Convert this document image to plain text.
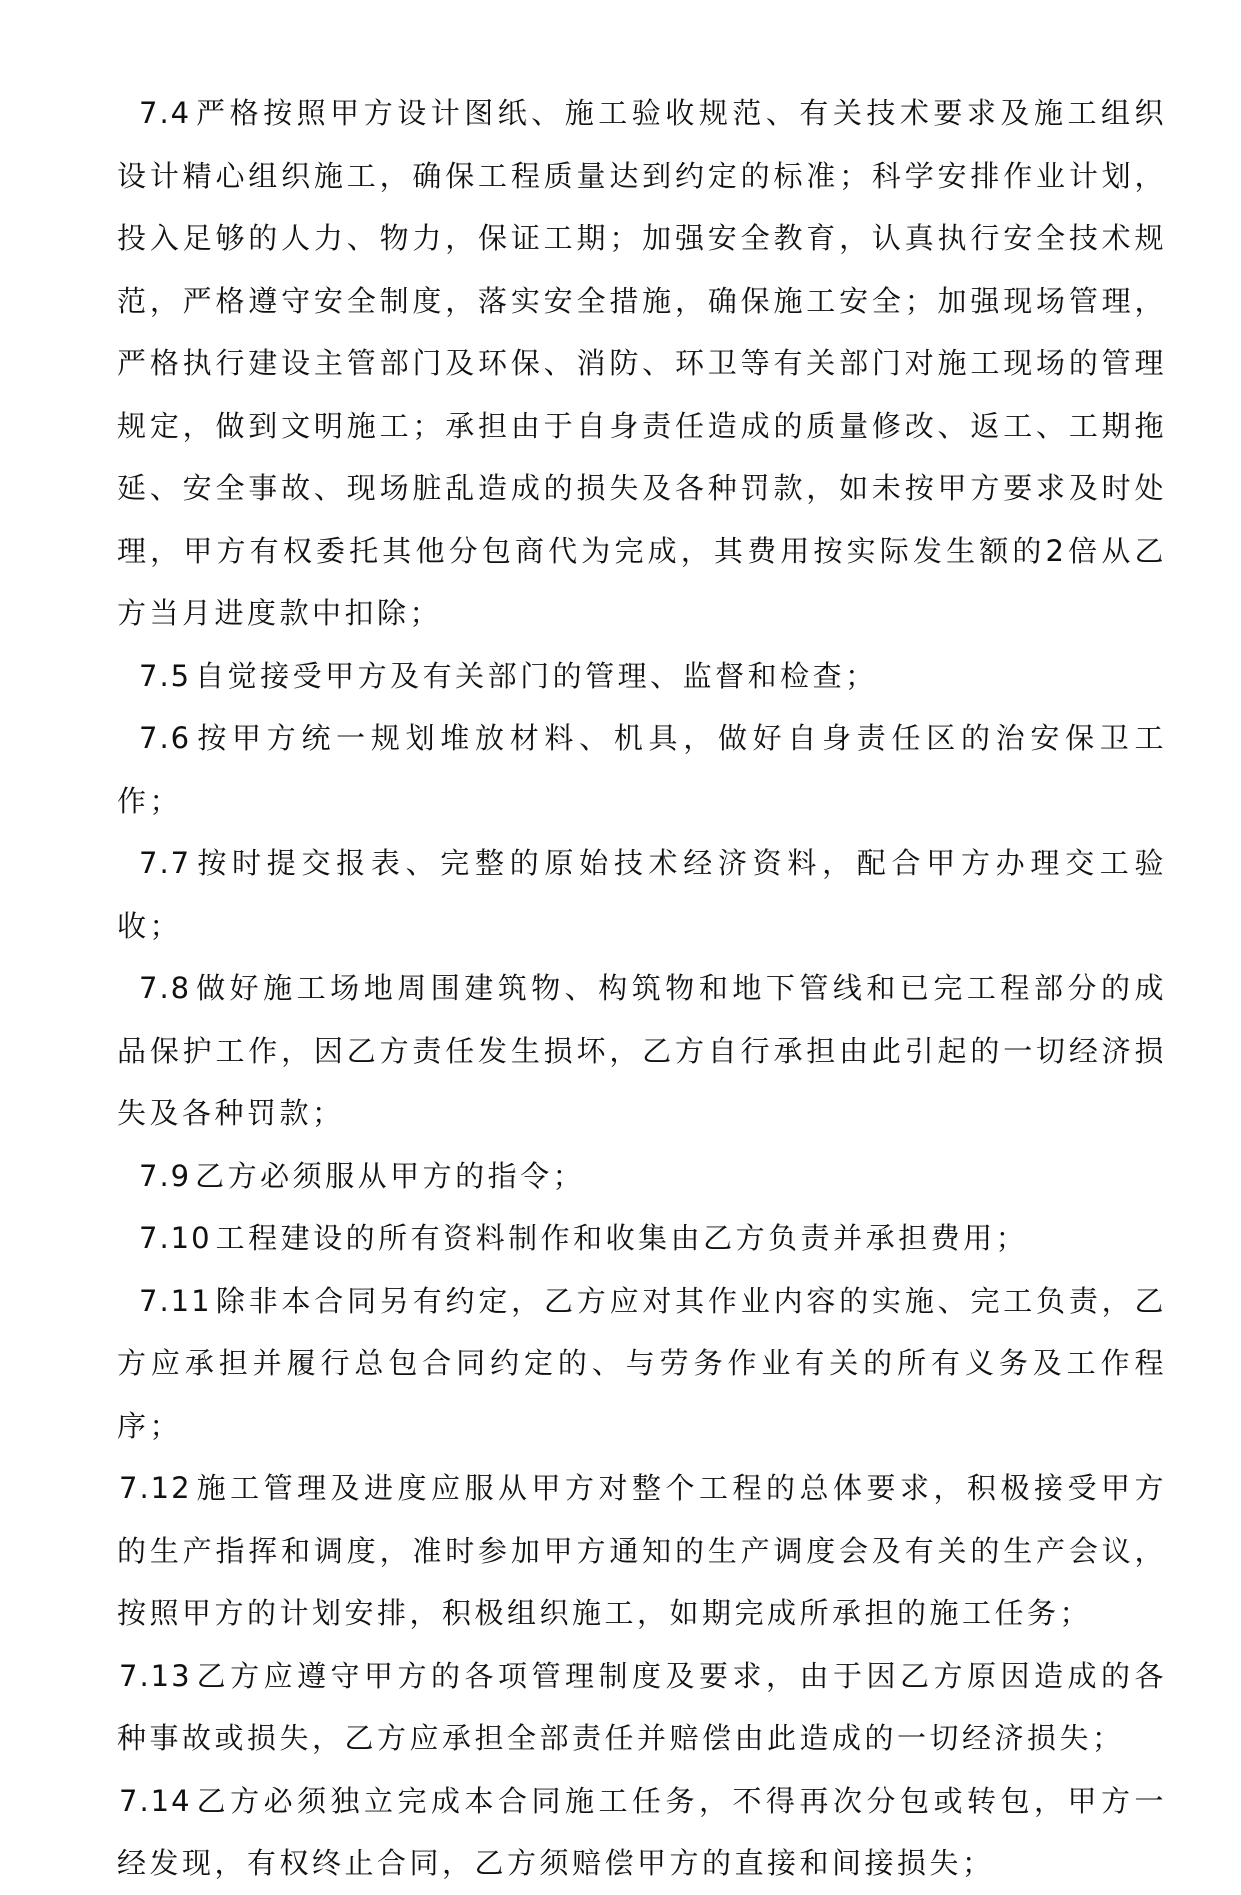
7.4 严格按照甲方设计图纸、施工验收规范、有关技术要求及施工组织设计精心组织施工，确保工程质量达到约定的标准；科学安排作业计划，投入足够的人力、物力，保证工期；加强安全教育，认真执行安全技术规范，严格遵守安全制度，落实安全措施，确保施工安全；加强现场管理，严格执行建设主管部门及环保、消防、环卫等有关部门对施工现场的管理规定，做到文明施工；承担由于自身责任造成的质量修改、返工、工期拖延、安全事故、现场脏乱造成的损失及各种罚款，如未按甲方要求及时处理，甲方有权委托其他分包商代为完成，其费用按实际发生额的2倍从乙方当月进度款中扣除；

7.5 自觉接受甲方及有关部门的管理、监督和检查；

7.6 按甲方统一规划堆放材料、机具，做好自身责任区的治安保卫工作；

7.7 按时提交报表、完整的原始技术经济资料，配合甲方办理交工验收；

7.8 做好施工场地周围建筑物、构筑物和地下管线和已完工程部分的成品保护工作，因乙方责任发生损坏，乙方自行承担由此引起的一切经济损失及各种罚款；

7.9 乙方必须服从甲方的指令；

7.10 工程建设的所有资料制作和收集由乙方负责并承担费用；

7.11 除非本合同另有约定，乙方应对其作业内容的实施、完工负责，乙方应承担并履行总包合同约定的、与劳务作业有关的所有义务及工作程序；

7.12 施工管理及进度应服从甲方对整个工程的总体要求，积极接受甲方的生产指挥和调度，准时参加甲方通知的生产调度会及有关的生产会议，按照甲方的计划安排，积极组织施工，如期完成所承担的施工任务；

7.13 乙方应遵守甲方的各项管理制度及要求，由于因乙方原因造成的各种事故或损失，乙方应承担全部责任并赔偿由此造成的一切经济损失；

7.14 乙方必须独立完成本合同施工任务，不得再次分包或转包，甲方一经发现，有权终止合同，乙方须赔偿甲方的直接和间接损失；
